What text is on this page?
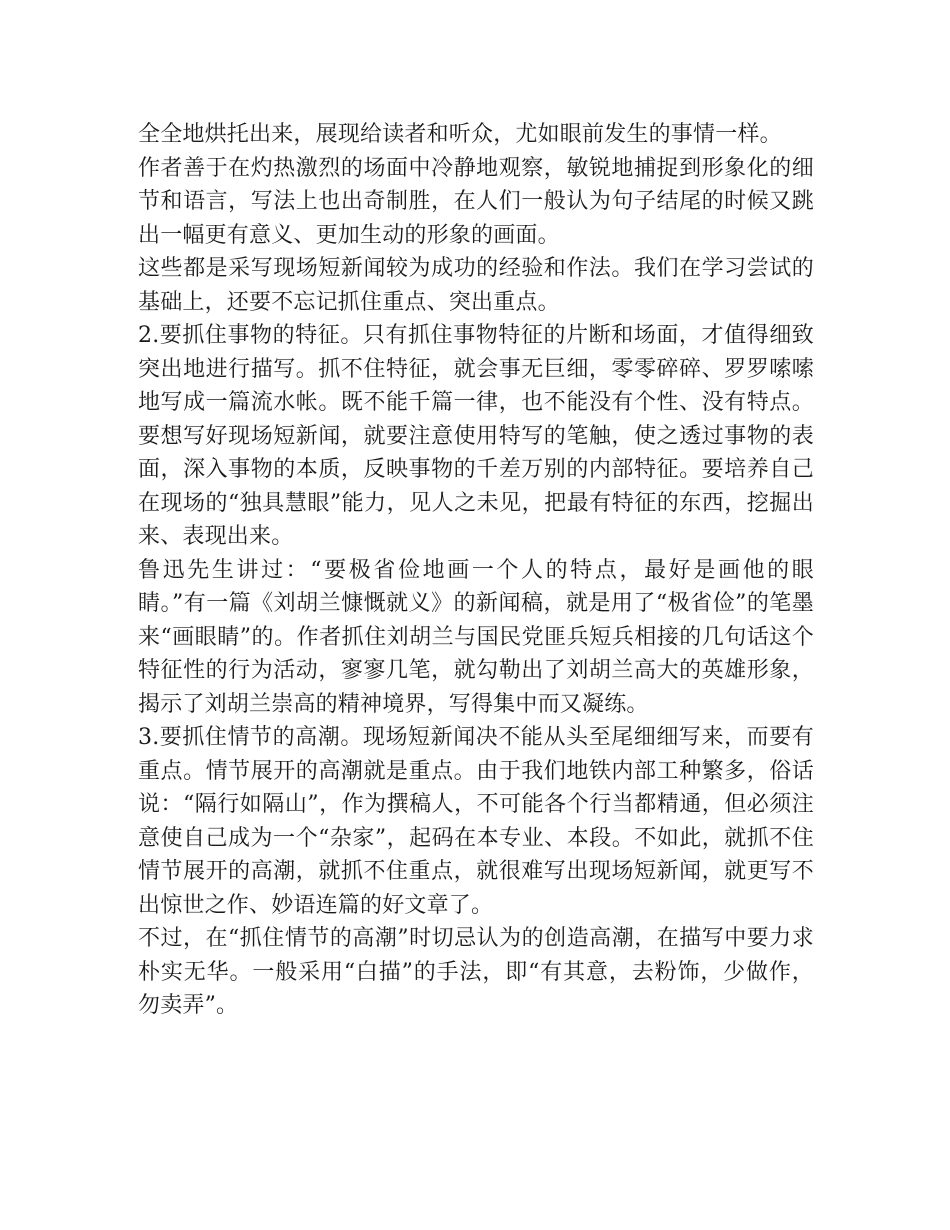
全全地烘托出来，展现给读者和听众，尤如眼前发生的事情一样。

作者善于在灼热激烈的场面中冷静地观察，敏锐地捕捉到形象化的细节和语言，写法上也出奇制胜，在人们一般认为句子结尾的时候又跳出一幅更有意义、更加生动的形象的画面。

这些都是采写现场短新闻较为成功的经验和作法。我们在学习尝试的基础上，还要不忘记抓住重点、突出重点。

2.要抓住事物的特征。只有抓住事物特征的片断和场面，才值得细致突出地进行描写。抓不住特征，就会事无巨细，零零碎碎、罗罗嗦嗦地写成一篇流水帐。既不能千篇一律，也不能没有个性、没有特点。要想写好现场短新闻，就要注意使用特写的笔触，使之透过事物的表面，深入事物的本质，反映事物的千差万别的内部特征。要培养自己在现场的“独具慧眼”能力，见人之未见，把最有特征的东西，挖掘出来、表现出来。

鲁迅先生讲过：“要极省俭地画一个人的特点，最好是画他的眼睛。”有一篇《刘胡兰慷慨就义》的新闻稿，就是用了“极省俭”的笔墨来“画眼睛”的。作者抓住刘胡兰与国民党匪兵短兵相接的几句话这个特征性的行为活动，寥寥几笔，就勾勒出了刘胡兰高大的英雄形象，揭示了刘胡兰崇高的精神境界，写得集中而又凝练。

3.要抓住情节的高潮。现场短新闻决不能从头至尾细细写来，而要有重点。情节展开的高潮就是重点。由于我们地铁内部工种繁多，俗话说：“隔行如隔山”，作为撰稿人，不可能各个行当都精通，但必须注意使自己成为一个“杂家”，起码在本专业、本段。不如此，就抓不住情节展开的高潮，就抓不住重点，就很难写出现场短新闻，就更写不出惊世之作、妙语连篇的好文章了。

不过，在“抓住情节的高潮”时切忌认为的创造高潮，在描写中要力求朴实无华。一般采用“白描”的手法，即“有其意，去粉饰，少做作，勿卖弄”。
